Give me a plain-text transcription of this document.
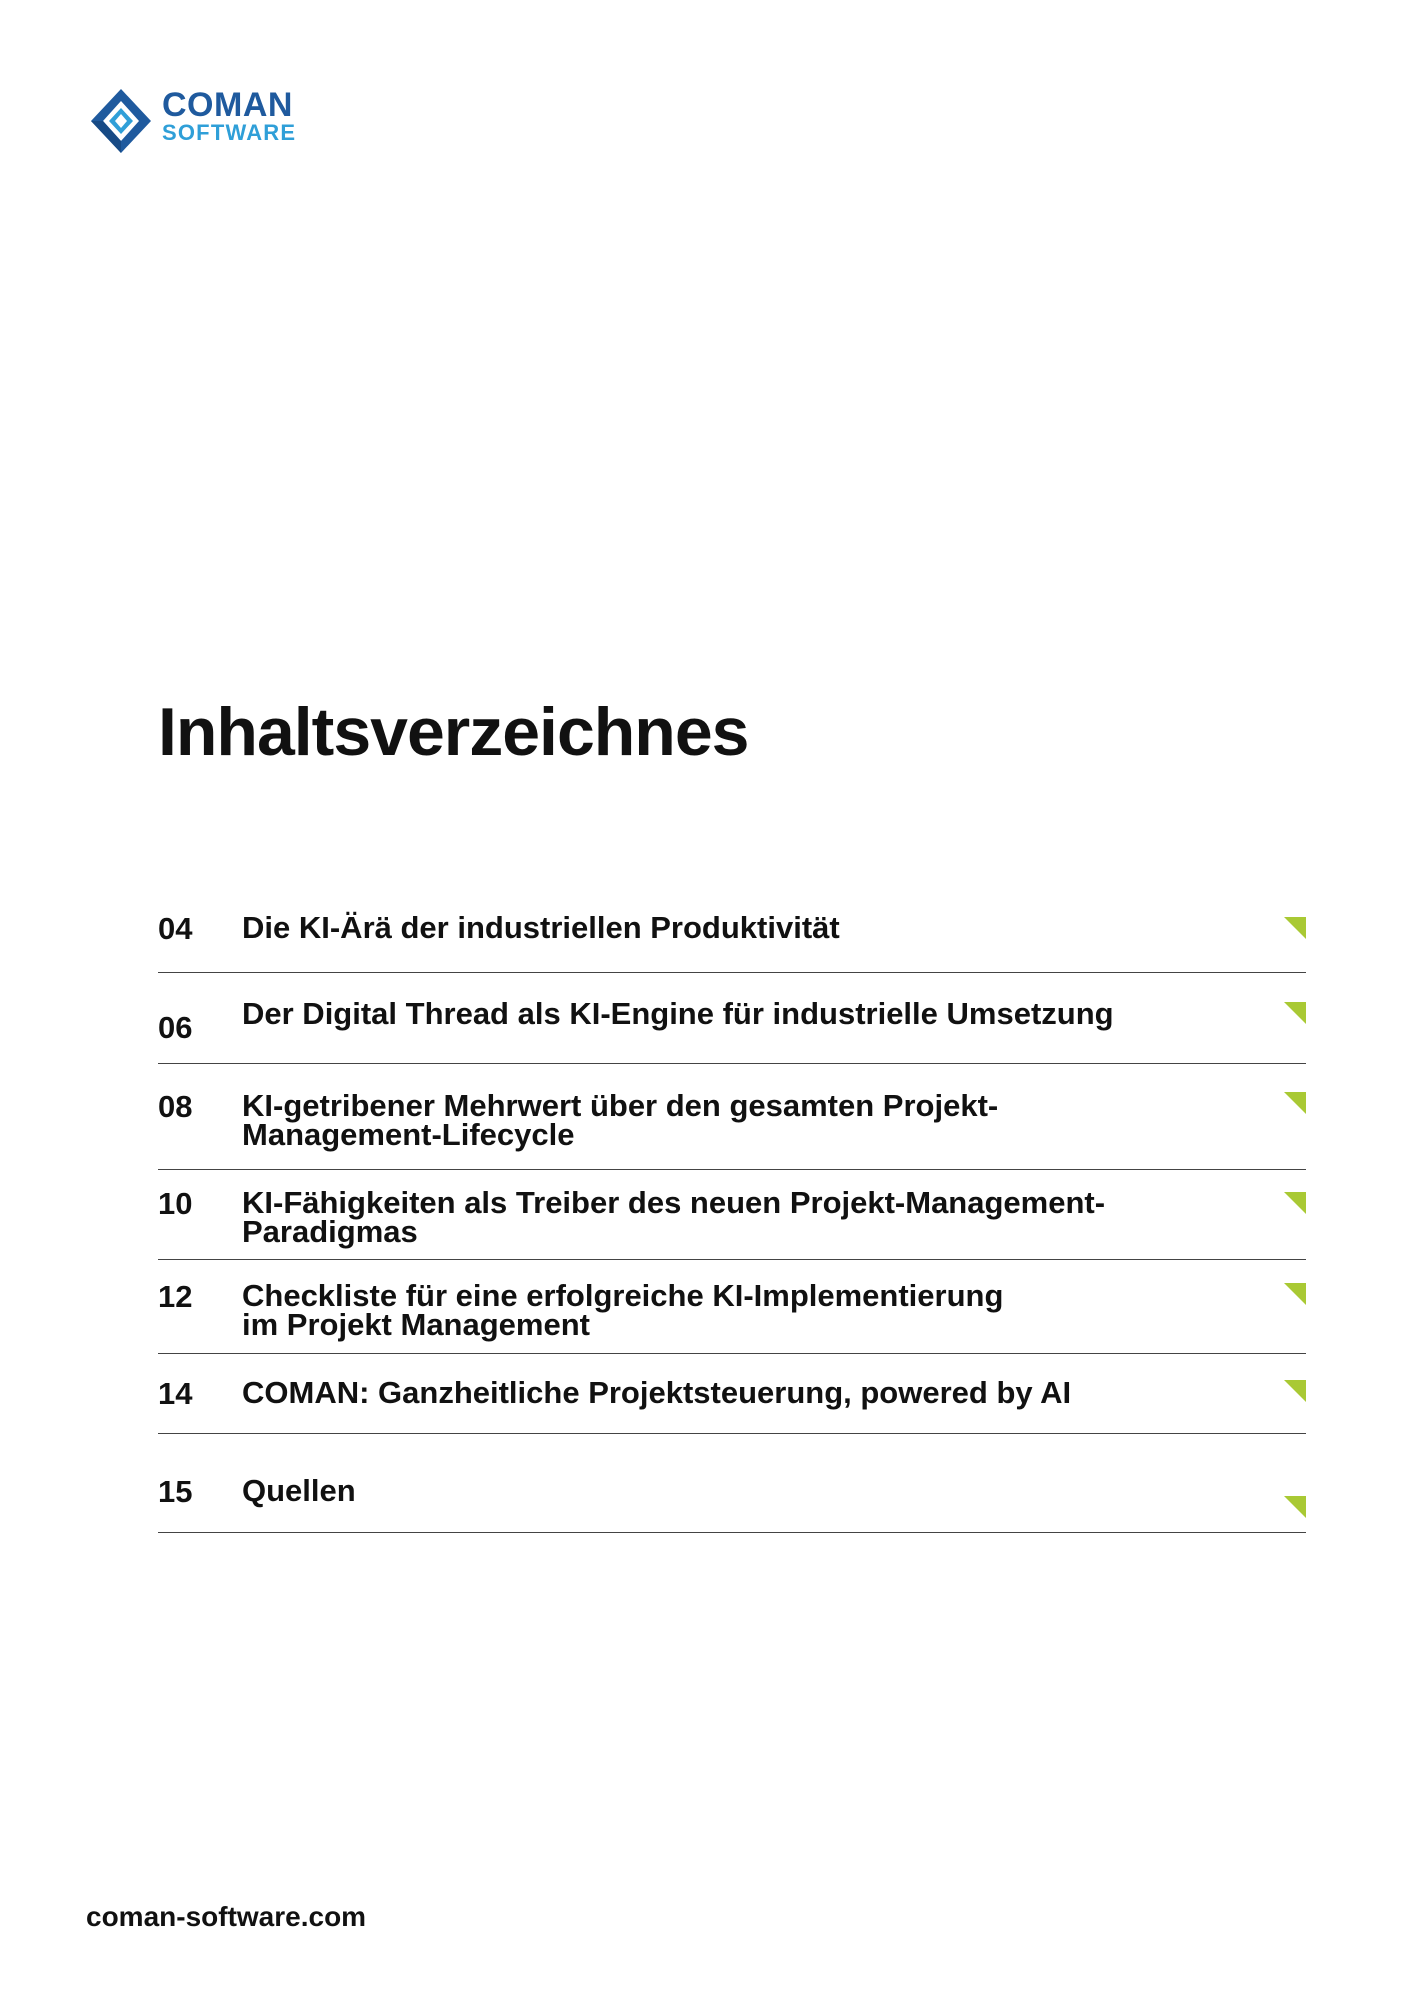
COMAN
SOFTWARE
Inhaltsverzeichnes
04 Die KI-Ärä der industriellen Produktivität
06 Der Digital Thread als KI-Engine für industrielle Umsetzung
08 KI-getribener Mehrwert über den gesamten Projekt-
Management-Lifecycle
10 KI-Fähigkeiten als Treiber des neuen Projekt-Management-
Paradigmas
12 Checkliste für eine erfolgreiche KI-Implementierung
im Projekt Management
14 COMAN: Ganzheitliche Projektsteuerung, powered by AI
15 Quellen
coman-software.com
